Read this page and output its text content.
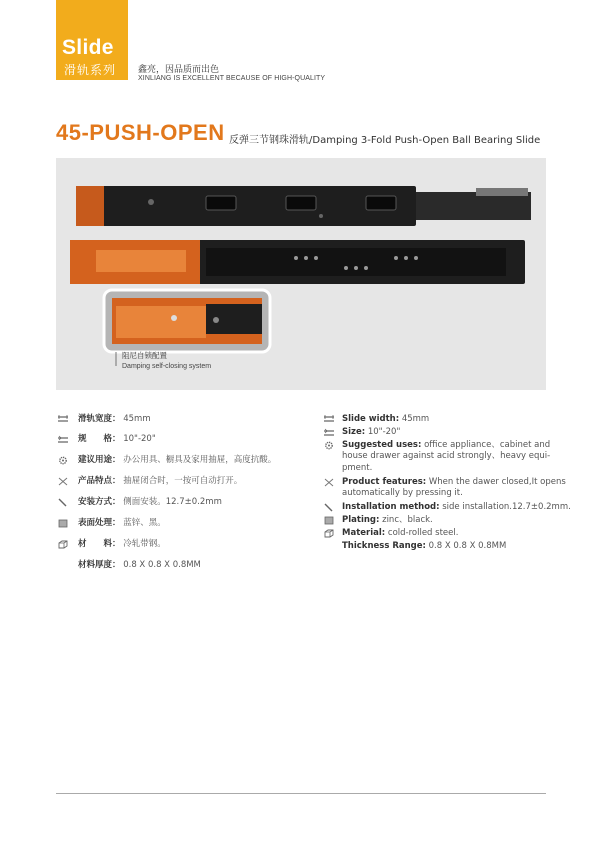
Slide
滑轨系列 鑫亮，因品质而出色
XINLIANG IS EXCELLENT BECAUSE OF HIGH-QUALITY
45-PUSH-OPEN 反弹三节钢珠滑轨/Damping 3-Fold Push-Open Ball Bearing Slide
阻尼自锁配置
Damping self-closing system
滑轨宽度： 45mm
规　　格： 10"-20"
建议用途： 办公用具、橱具及家用抽屉，高度抗酸。
产品特点： 抽屉闭合时，一按可自动打开。
安装方式： 侧面安装。12.7±0.2mm
表面处理： 蓝锌、黑。
材　　料： 冷轧带钢。
材料厚度： 0.8 X 0.8 X 0.8MM
Slide width: 45mm
Size: 10"-20"
Suggested uses: office appliance、cabinet and
house drawer against acid strongly、heavy equi-
pment.
Product features: When the dawer closed,It opens
automatically by pressing it.
Installation method: side installation.12.7±0.2mm.
Plating: zinc、black.
Material: cold-rolled steel.
Thickness Range: 0.8 X 0.8 X 0.8MM
